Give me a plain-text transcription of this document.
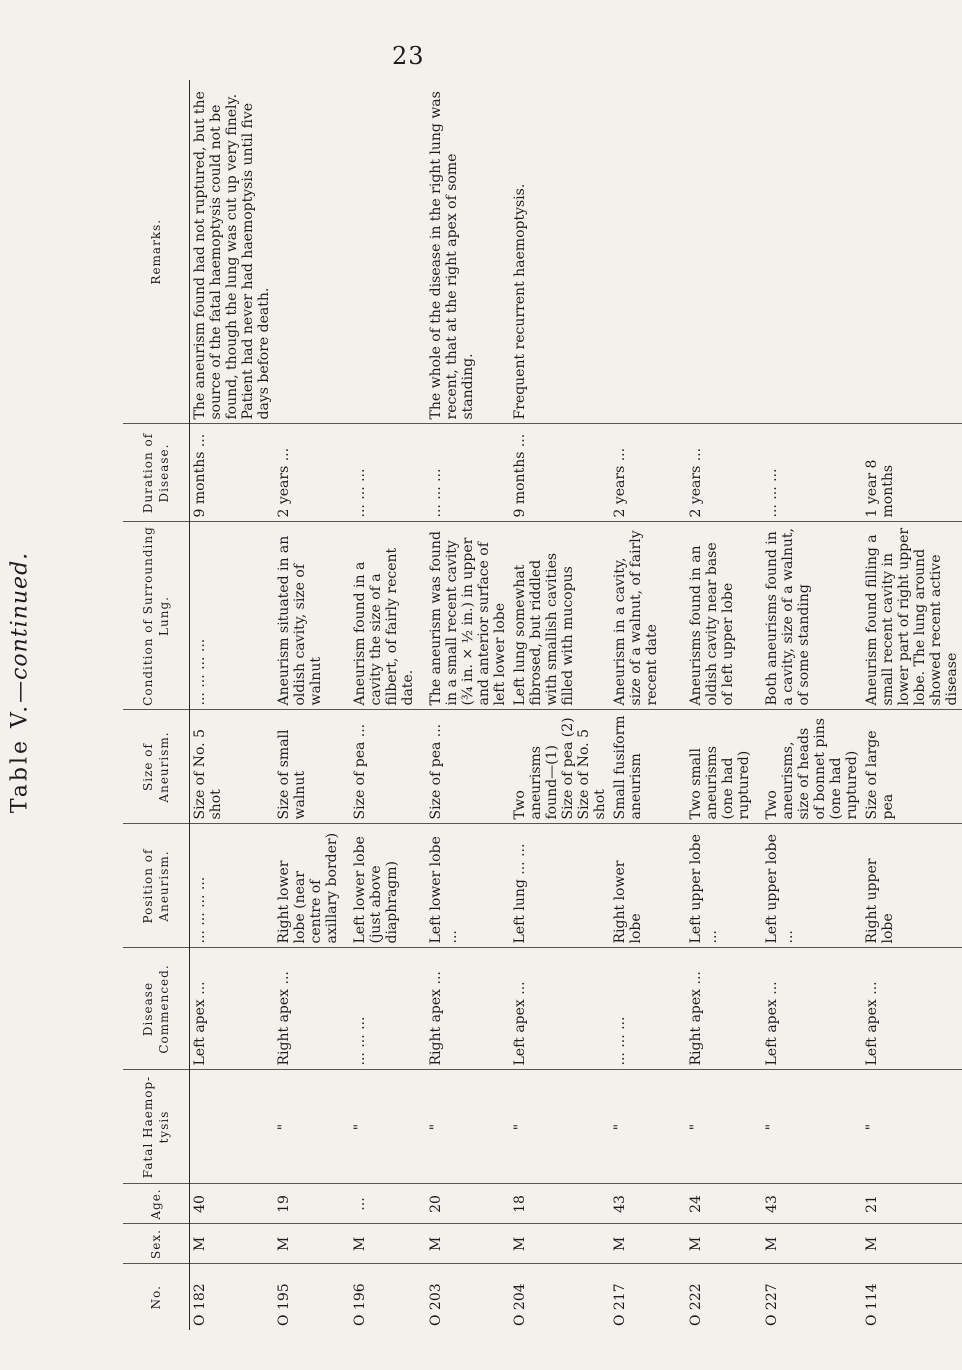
23
Table V.—continued.
No.	Sex.	Age.	Fatal Haemop-tysis	Disease Commenced.	Position of Aneurism.	Size of Aneurism.	Condition of Surrounding Lung.	Duration of Disease.	Remarks.
O 182	M	40		Left apex ...	... ... ... ...	Size of No. 5 shot	... ... ... ...	9 months ...	The aneurism found had not ruptured, but the source of the fatal haemoptysis could not be found, though the lung was cut up very finely. Patient had never had haemoptysis until five days before death.
O 195	M	19	"	Right apex ...	Right lower lobe (near centre of axillary border)	Size of small walnut	Aneurism situated in an oldish cavity, size of walnut	2 years ...	
O 196	M	...	"	... ... ...	Left lower lobe (just above diaphragm)	Size of pea ...	Aneurism found in a cavity the size of a filbert, of fairly recent date.	... ... ...	
O 203	M	20	"	Right apex ...	Left lower lobe ...	Size of pea ...	The aneurism was found in a small recent cavity (¾ in. × ½ in.) in upper and anterior surface of left lower lobe	... ... ...	The whole of the disease in the right lung was recent, that at the right apex of some standing.
O 204	M	18	"	Left apex ...	Left lung ... ...	Two aneurisms found—(1) Size of pea (2) Size of No. 5 shot	Left lung somewhat fibrosed, but riddled with smallish cavities filled with mucopus	9 months ...	Frequent recurrent haemoptysis.
O 217	M	43	"	... ... ...	Right lower lobe	Small fusiform aneurism	Aneurism in a cavity, size of a walnut, of fairly recent date	2 years ...	
O 222	M	24	"	Right apex ...	Left upper lobe ...	Two small aneurisms (one had ruptured)	Aneurisms found in an oldish cavity near base of left upper lobe	2 years ...	
O 227	M	43	"	Left apex ...	Left upper lobe ...	Two aneurisms, size of heads of bonnet pins (one had ruptured)	Both aneurisms found in a cavity, size of a walnut, of some standing	... ... ...	
O 114	M	21	"	Left apex ...	Right upper lobe	Size of large pea	Aneurism found filling a small recent cavity in lower part of right upper lobe. The lung around showed recent active disease	1 year 8 months	
